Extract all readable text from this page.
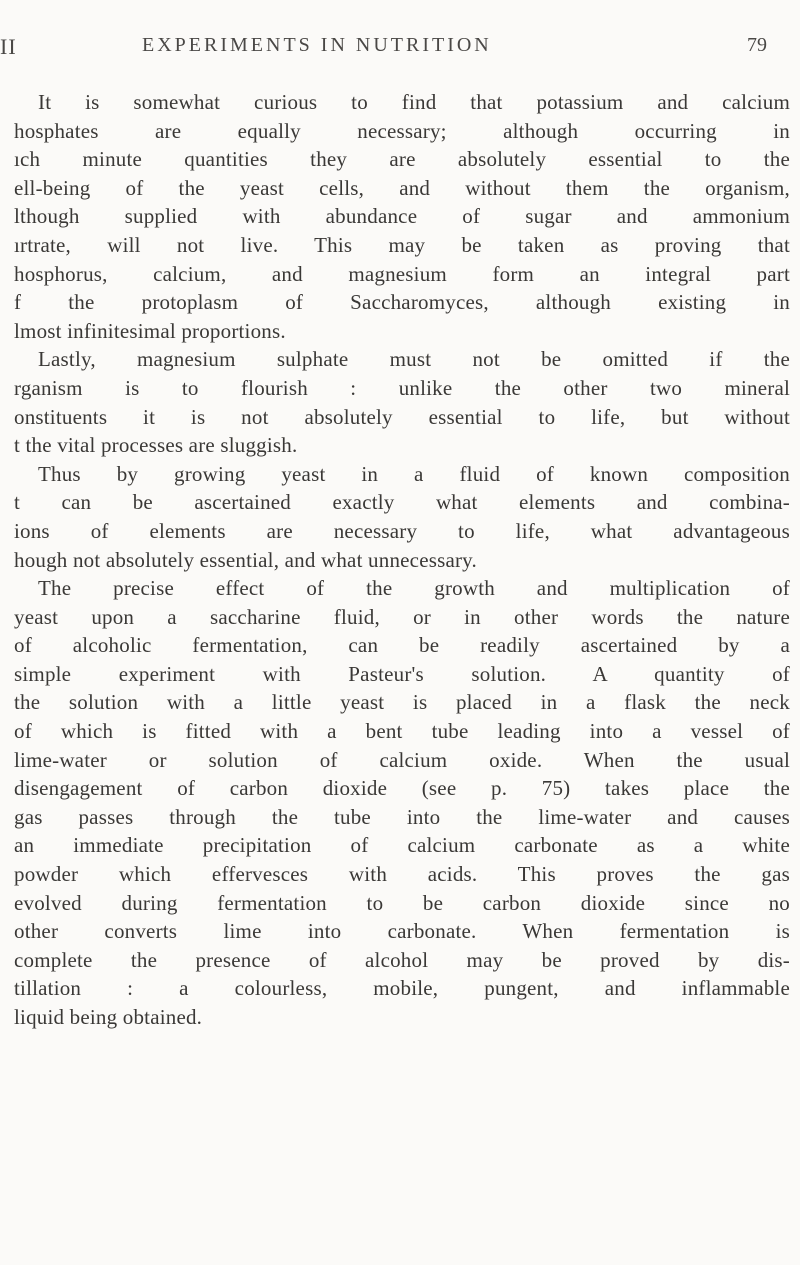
II	EXPERIMENTS IN NUTRITION	79
It is somewhat curious to find that potassium and calcium
hosphates are equally necessary; although occurring in
ıch minute quantities they are absolutely essential to the
ell-being of the yeast cells, and without them the organism,
lthough supplied with abundance of sugar and ammonium
ırtrate, will not live. This may be taken as proving that
hosphorus, calcium, and magnesium form an integral part
f the protoplasm of Saccharomyces, although existing in
lmost infinitesimal proportions.
Lastly, magnesium sulphate must not be omitted if the
rganism is to flourish : unlike the other two mineral
onstituents it is not absolutely essential to life, but without
t the vital processes are sluggish.
Thus by growing yeast in a fluid of known composition
t can be ascertained exactly what elements and combina-
ions of elements are necessary to life, what advantageous
hough not absolutely essential, and what unnecessary.
The precise effect of the growth and multiplication of
yeast upon a saccharine fluid, or in other words the nature
of alcoholic fermentation, can be readily ascertained by a
simple experiment with Pasteur's solution. A quantity of
the solution with a little yeast is placed in a flask the neck
of which is fitted with a bent tube leading into a vessel of
lime-water or solution of calcium oxide. When the usual
disengagement of carbon dioxide (see p. 75) takes place the
gas passes through the tube into the lime-water and causes
an immediate precipitation of calcium carbonate as a white
powder which effervesces with acids. This proves the gas
evolved during fermentation to be carbon dioxide since no
other converts lime into carbonate. When fermentation is
complete the presence of alcohol may be proved by dis-
tillation : a colourless, mobile, pungent, and inflammable
liquid being obtained.
